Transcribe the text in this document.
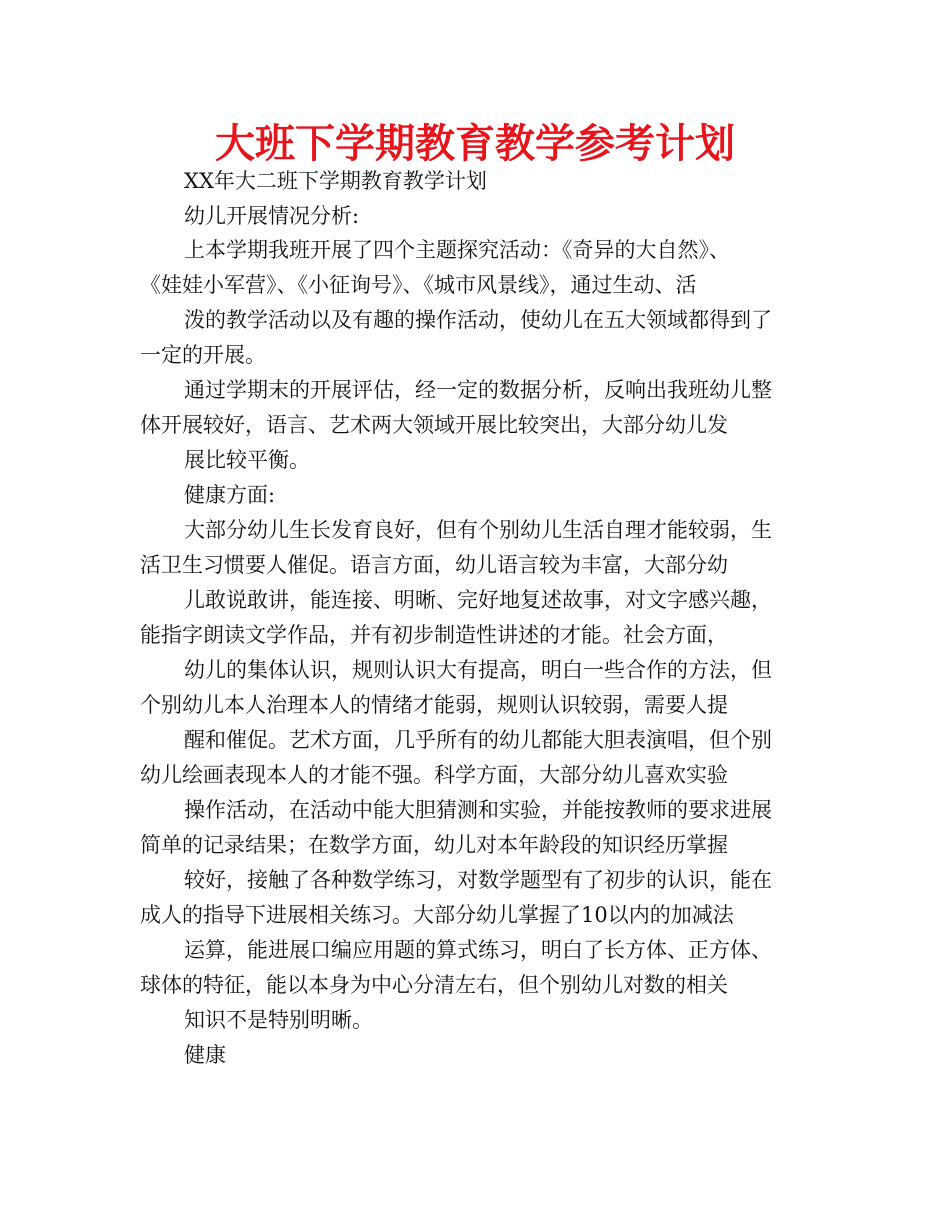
大班下学期教育教学参考计划

XX年大二班下学期教育教学计划

幼儿开展情况分析:

上本学期我班开展了四个主题探究活动：《奇异的大自然》、

《娃娃小军营》、《小征询号》、《城市风景线》，通过生动、活

泼的教学活动以及有趣的操作活动，使幼儿在五大领域都得到了

一定的开展。

通过学期末的开展评估，经一定的数据分析，反响出我班幼儿整

体开展较好，语言、艺术两大领域开展比较突出，大部分幼儿发

展比较平衡。

健康方面:

大部分幼儿生长发育良好，但有个别幼儿生活自理才能较弱，生

活卫生习惯要人催促。语言方面，幼儿语言较为丰富，大部分幼

儿敢说敢讲，能连接、明晰、完好地复述故事，对文字感兴趣，

能指字朗读文学作品，并有初步制造性讲述的才能。社会方面，

幼儿的集体认识，规则认识大有提高，明白一些合作的方法，但

个别幼儿本人治理本人的情绪才能弱，规则认识较弱，需要人提

醒和催促。艺术方面，几乎所有的幼儿都能大胆表演唱，但个别

幼儿绘画表现本人的才能不强。科学方面，大部分幼儿喜欢实验

操作活动，在活动中能大胆猜测和实验，并能按教师的要求进展

简单的记录结果；在数学方面，幼儿对本年龄段的知识经历掌握

较好，接触了各种数学练习，对数学题型有了初步的认识，能在

成人的指导下进展相关练习。大部分幼儿掌握了10以内的加减法

运算，能进展口编应用题的算式练习，明白了长方体、正方体、

球体的特征，能以本身为中心分清左右，但个别幼儿对数的相关

知识不是特别明晰。

健康
